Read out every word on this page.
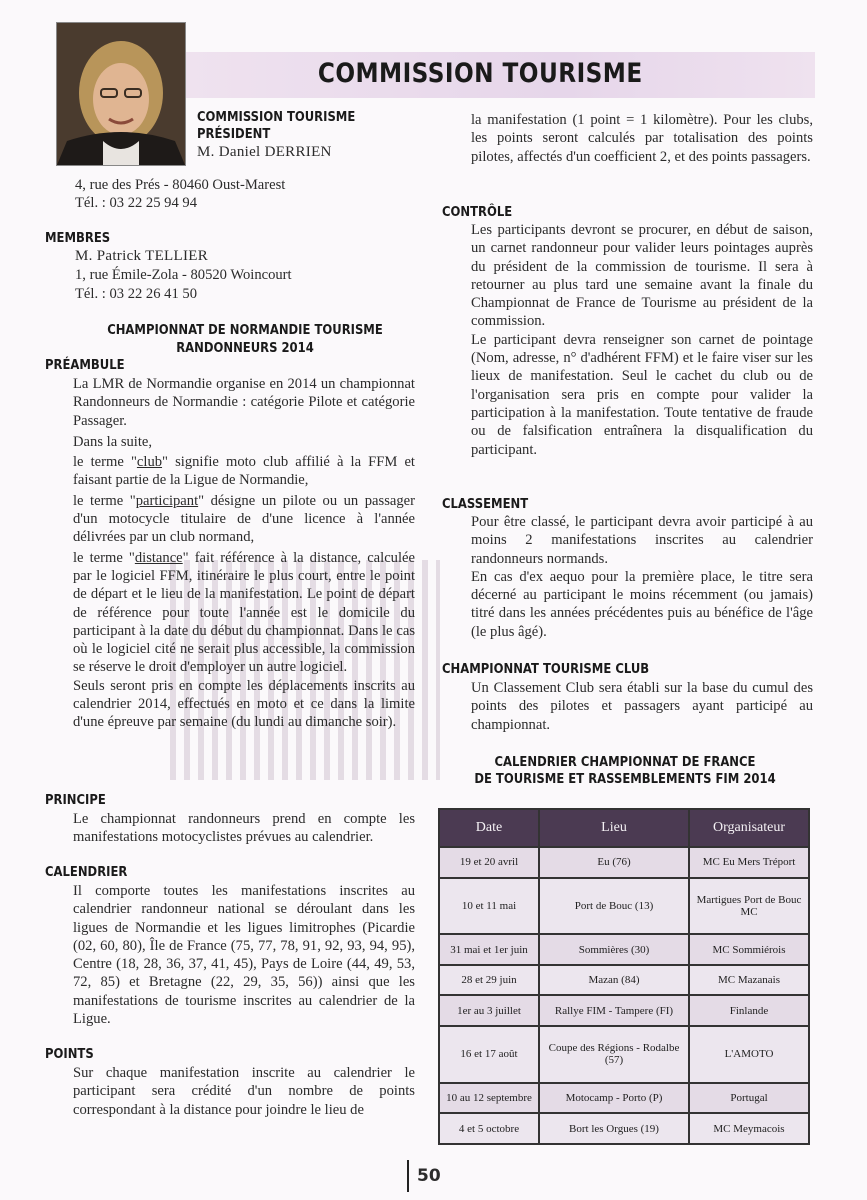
COMMISSION TOURISME
COMMISSION TOURISME
PRÉSIDENT
M. Daniel DERRIEN
4, rue des Prés - 80460 Oust-Marest
Tél. : 03 22 25 94 94
MEMBRES
M. Patrick TELLIER
1, rue Émile-Zola - 80520 Woincourt
Tél. : 03 22 26 41 50
CHAMPIONNAT DE NORMANDIE TOURISME
RANDONNEURS 2014
PRÉAMBULE

La LMR de Normandie organise en 2014 un championnat Randonneurs de Normandie : catégorie Pilote et catégorie Passager.

Dans la suite,

le terme "club" signifie moto club affilié à la FFM et faisant partie de la Ligue de Normandie,

le terme "participant" désigne un pilote ou un passager d'un motocycle titulaire de d'une licence à l'année délivrées par un club normand,

le terme "distance" fait référence à la distance, calculée par le logiciel FFM, itinéraire le plus court, entre le point de départ et le lieu de la manifestation. Le point de départ de référence pour toute l'année est le domicile du participant à la date du début du championnat. Dans le cas où le logiciel cité ne serait plus accessible, la commission se réserve le droit d'employer un autre logiciel.

Seuls seront pris en compte les déplacements inscrits au calendrier 2014, effectués en moto et ce dans la limite d'une épreuve par semaine (du lundi au dimanche soir).

PRINCIPE

Le championnat randonneurs prend en compte les manifestations motocyclistes prévues au calendrier.

CALENDRIER

Il comporte toutes les manifestations inscrites au calendrier randonneur national se déroulant dans les ligues de Normandie et les ligues limitrophes (Picardie (02, 60, 80), Île de France (75, 77, 78, 91, 92, 93, 94, 95), Centre (18, 28, 36, 37, 41, 45), Pays de Loire (44, 49, 53, 72, 85) et Bretagne (22, 29, 35, 56)) ainsi que les manifestations de tourisme inscrites au calendrier de la Ligue.

POINTS

Sur chaque manifestation inscrite au calendrier le participant sera crédité d'un nombre de points correspondant à la distance pour joindre le lieu de

la manifestation (1 point = 1 kilomètre). Pour les clubs, les points seront calculés par totalisation des points pilotes, affectés d'un coefficient 2, et des points passagers.

CONTRÔLE

Les participants devront se procurer, en début de saison, un carnet randonneur pour valider leurs pointages auprès du président de la commission de tourisme. Il sera à retourner au plus tard une semaine avant la finale du Championnat de France de Tourisme au président de la commission.

Le participant devra renseigner son carnet de pointage (Nom, adresse, n° d'adhérent FFM) et le faire viser sur les lieux de manifestation. Seul le cachet du club ou de l'organisation sera pris en compte pour valider la participation à la manifestation. Toute tentative de fraude ou de falsification entraînera la disqualification du participant.

CLASSEMENT

Pour être classé, le participant devra avoir participé à au moins 2 manifestations inscrites au calendrier randonneurs normands.

En cas d'ex aequo pour la première place, le titre sera décerné au participant le moins récemment (ou jamais) titré dans les années précédentes puis au bénéfice de l'âge (le plus âgé).

CHAMPIONNAT TOURISME CLUB

Un Classement Club sera établi sur la base du cumul des points des pilotes et passagers ayant participé au championnat.

CALENDRIER CHAMPIONNAT DE FRANCE
DE TOURISME ET RASSEMBLEMENTS FIM 2014
Date	Lieu	Organisateur
19 et 20 avril	Eu (76)	MC Eu Mers Tréport
10 et 11 mai	Port de Bouc (13)	Martigues Port de Bouc MC
31 mai et 1er juin	Sommières (30)	MC Sommiérois
28 et 29 juin	Mazan (84)	MC Mazanais
1er au 3 juillet	Rallye FIM - Tampere (FI)	Finlande
16 et 17 août	Coupe des Régions - Rodalbe (57)	L'AMOTO
10 au 12 septembre	Motocamp - Porto (P)	Portugal
4 et 5 octobre	Bort les Orgues (19)	MC Meymacois
50
